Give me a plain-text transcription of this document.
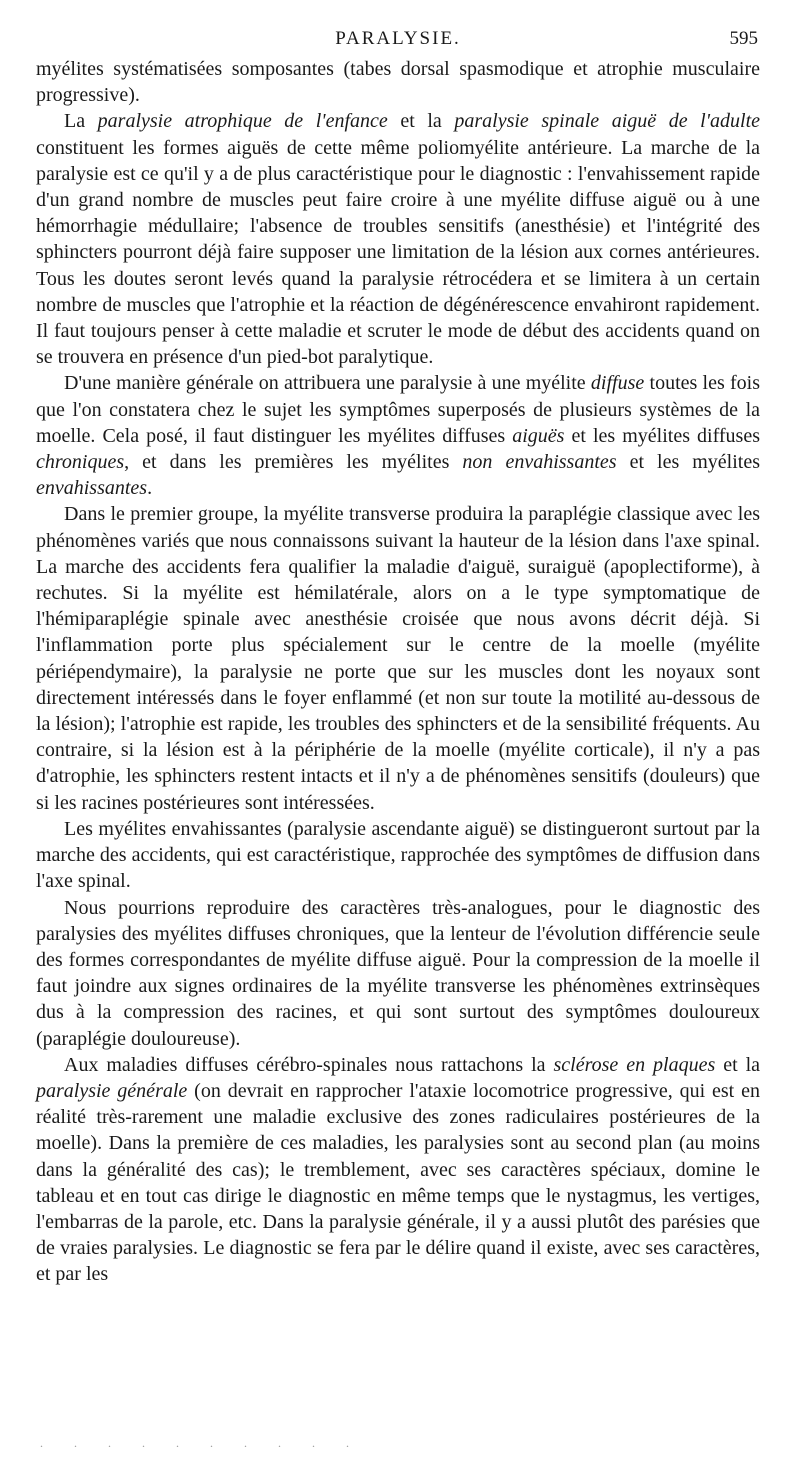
PARALYSIE.	595

myélites systématisées somposantes (tabes dorsal spasmodique et atrophie musculaire progressive).

La paralysie atrophique de l'enfance et la paralysie spinale aiguë de l'adulte constituent les formes aiguës de cette même poliomyélite antérieure. La marche de la paralysie est ce qu'il y a de plus caractéristique pour le diagnostic : l'envahissement rapide d'un grand nombre de muscles peut faire croire à une myélite diffuse aiguë ou à une hémorrhagie médullaire; l'absence de troubles sensitifs (anesthésie) et l'intégrité des sphincters pourront déjà faire supposer une limitation de la lésion aux cornes antérieures. Tous les doutes seront levés quand la paralysie rétrocédera et se limitera à un certain nombre de muscles que l'atrophie et la réaction de dégénérescence envahiront rapidement. Il faut toujours penser à cette maladie et scruter le mode de début des accidents quand on se trouvera en présence d'un pied-bot paralytique.

D'une manière générale on attribuera une paralysie à une myélite diffuse toutes les fois que l'on constatera chez le sujet les symptômes superposés de plusieurs systèmes de la moelle. Cela posé, il faut distinguer les myélites diffuses aiguës et les myélites diffuses chroniques, et dans les premières les myélites non envahissantes et les myélites envahissantes.

Dans le premier groupe, la myélite transverse produira la paraplégie classique avec les phénomènes variés que nous connaissons suivant la hauteur de la lésion dans l'axe spinal. La marche des accidents fera qualifier la maladie d'aiguë, suraiguë (apoplectiforme), à rechutes. Si la myélite est hémilatérale, alors on a le type symptomatique de l'hémiparaplégie spinale avec anesthésie croisée que nous avons décrit déjà. Si l'inflammation porte plus spécialement sur le centre de la moelle (myélite périépendymaire), la paralysie ne porte que sur les muscles dont les noyaux sont directement intéressés dans le foyer enflammé (et non sur toute la motilité au-dessous de la lésion); l'atrophie est rapide, les troubles des sphincters et de la sensibilité fréquents. Au contraire, si la lésion est à la périphérie de la moelle (myélite corticale), il n'y a pas d'atrophie, les sphincters restent intacts et il n'y a de phénomènes sensitifs (douleurs) que si les racines postérieures sont intéressées.

Les myélites envahissantes (paralysie ascendante aiguë) se distingueront surtout par la marche des accidents, qui est caractéristique, rapprochée des symptômes de diffusion dans l'axe spinal.

Nous pourrions reproduire des caractères très-analogues, pour le diagnostic des paralysies des myélites diffuses chroniques, que la lenteur de l'évolution différencie seule des formes correspondantes de myélite diffuse aiguë. Pour la compression de la moelle il faut joindre aux signes ordinaires de la myélite transverse les phénomènes extrinsèques dus à la compression des racines, et qui sont surtout des symptômes douloureux (paraplégie douloureuse).

Aux maladies diffuses cérébro-spinales nous rattachons la sclérose en plaques et la paralysie générale (on devrait en rapprocher l'ataxie locomotrice progressive, qui est en réalité très-rarement une maladie exclusive des zones radiculaires postérieures de la moelle). Dans la première de ces maladies, les paralysies sont au second plan (au moins dans la généralité des cas); le tremblement, avec ses caractères spéciaux, domine le tableau et en tout cas dirige le diagnostic en même temps que le nystagmus, les vertiges, l'embarras de la parole, etc. Dans la paralysie générale, il y a aussi plutôt des parésies que de vraies paralysies. Le diagnostic se fera par le délire quand il existe, avec ses caractères, et par les

. . . . . . . . . .
